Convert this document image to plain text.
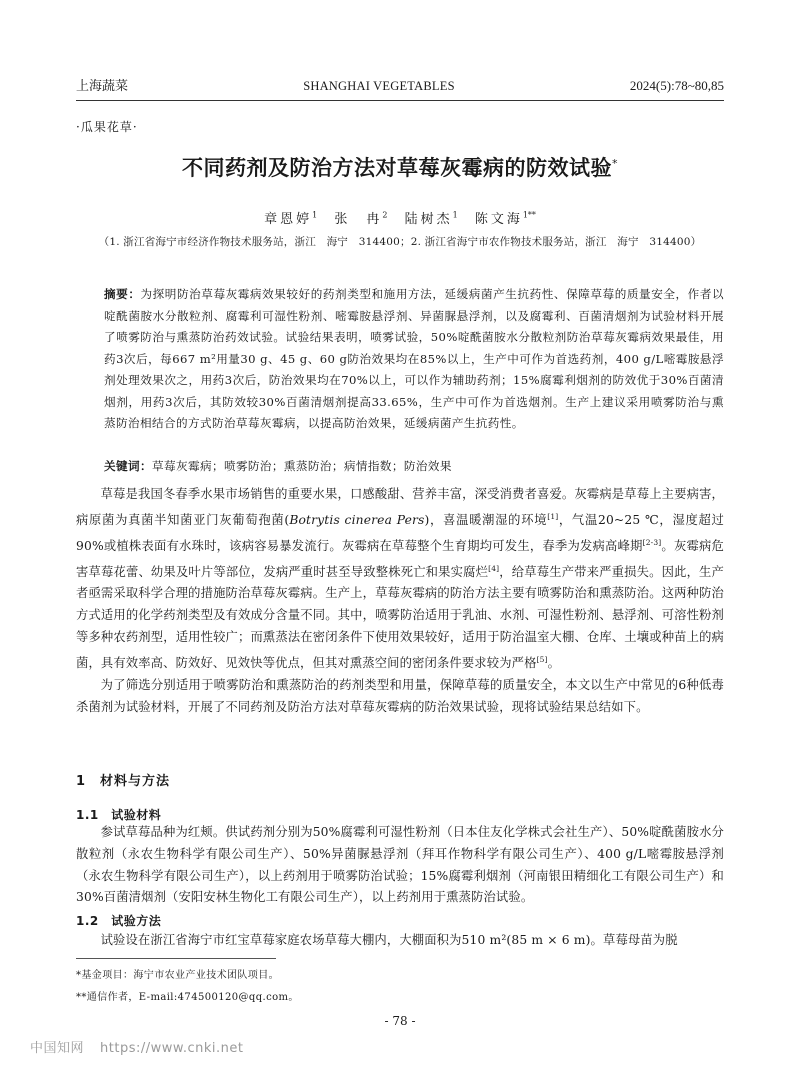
上海蔬菜	SHANGHAI VEGETABLES	2024(5):78~80,85
·瓜果花草·
不同药剂及防治方法对草莓灰霉病的防效试验*
章恩婷$^1$ 张　冉$^2$ 陆树杰$^1$ 陈文海$^{1**}$
（1. 浙江省海宁市经济作物技术服务站，浙江　海宁　314400；2. 浙江省海宁市农作物技术服务站，浙江　海宁　314400）
摘要：为探明防治草莓灰霉病效果较好的药剂类型和施用方法，延缓病菌产生抗药性、保障草莓的质量安全，作者以啶酰菌胺水分散粒剂、腐霉利可湿性粉剂、嘧霉胺悬浮剂、异菌脲悬浮剂，以及腐霉利、百菌清烟剂为试验材料开展了喷雾防治与熏蒸防治药效试验。试验结果表明，喷雾试验，50%啶酰菌胺水分散粒剂防治草莓灰霉病效果最佳，用药3次后，每667 m²用量30 g、45 g、60 g防治效果均在85%以上，生产中可作为首选药剂，400 g/L嘧霉胺悬浮剂处理效果次之，用药3次后，防治效果均在70%以上，可以作为辅助药剂；15%腐霉利烟剂的防效优于30%百菌清烟剂，用药3次后，其防效较30%百菌清烟剂提高33.65%，生产中可作为首选烟剂。生产上建议采用喷雾防治与熏蒸防治相结合的方式防治草莓灰霉病，以提高防治效果，延缓病菌产生抗药性。
关键词：草莓灰霉病；喷雾防治；熏蒸防治；病情指数；防治效果

草莓是我国冬春季水果市场销售的重要水果，口感酸甜、营养丰富，深受消费者喜爱。灰霉病是草莓上主要病害，病原菌为真菌半知菌亚门灰葡萄孢菌(Botrytis cinerea Pers)，喜温暖潮湿的环境[1]，气温20~25 ℃，湿度超过90%或植株表面有水珠时，该病容易暴发流行。灰霉病在草莓整个生育期均可发生，春季为发病高峰期[2-3]。灰霉病危害草莓花蕾、幼果及叶片等部位，发病严重时甚至导致整株死亡和果实腐烂[4]，给草莓生产带来严重损失。因此，生产者亟需采取科学合理的措施防治草莓灰霉病。生产上，草莓灰霉病的防治方法主要有喷雾防治和熏蒸防治。这两种防治方式适用的化学药剂类型及有效成分含量不同。其中，喷雾防治适用于乳油、水剂、可湿性粉剂、悬浮剂、可溶性粉剂等多种农药剂型，适用性较广；而熏蒸法在密闭条件下使用效果较好，适用于防治温室大棚、仓库、土壤或种苗上的病菌，具有效率高、防效好、见效快等优点，但其对熏蒸空间的密闭条件要求较为严格[5]。

为了筛选分别适用于喷雾防治和熏蒸防治的药剂类型和用量，保障草莓的质量安全，本文以生产中常见的6种低毒杀菌剂为试验材料，开展了不同药剂及防治方法对草莓灰霉病的防治效果试验，现将试验结果总结如下。

1　材料与方法
1.1　试验材料

参试草莓品种为红颊。供试药剂分别为50%腐霉利可湿性粉剂（日本住友化学株式会社生产）、50%啶酰菌胺水分散粒剂（永农生物科学有限公司生产）、50%异菌脲悬浮剂（拜耳作物科学有限公司生产）、400 g/L嘧霉胺悬浮剂（永农生物科学有限公司生产），以上药剂用于喷雾防治试验；15%腐霉利烟剂（河南银田精细化工有限公司生产）和30%百菌清烟剂（安阳安林生物化工有限公司生产），以上药剂用于熏蒸防治试验。

1.2　试验方法

试验设在浙江省海宁市红宝草莓家庭农场草莓大棚内，大棚面积为510 m²(85 m × 6 m)。草莓母苗为脱

*基金项目：海宁市农业产业技术团队项目。
**通信作者，E-mail:474500120@qq.com。
- 78 -
中国知网 https://www.cnki.net
